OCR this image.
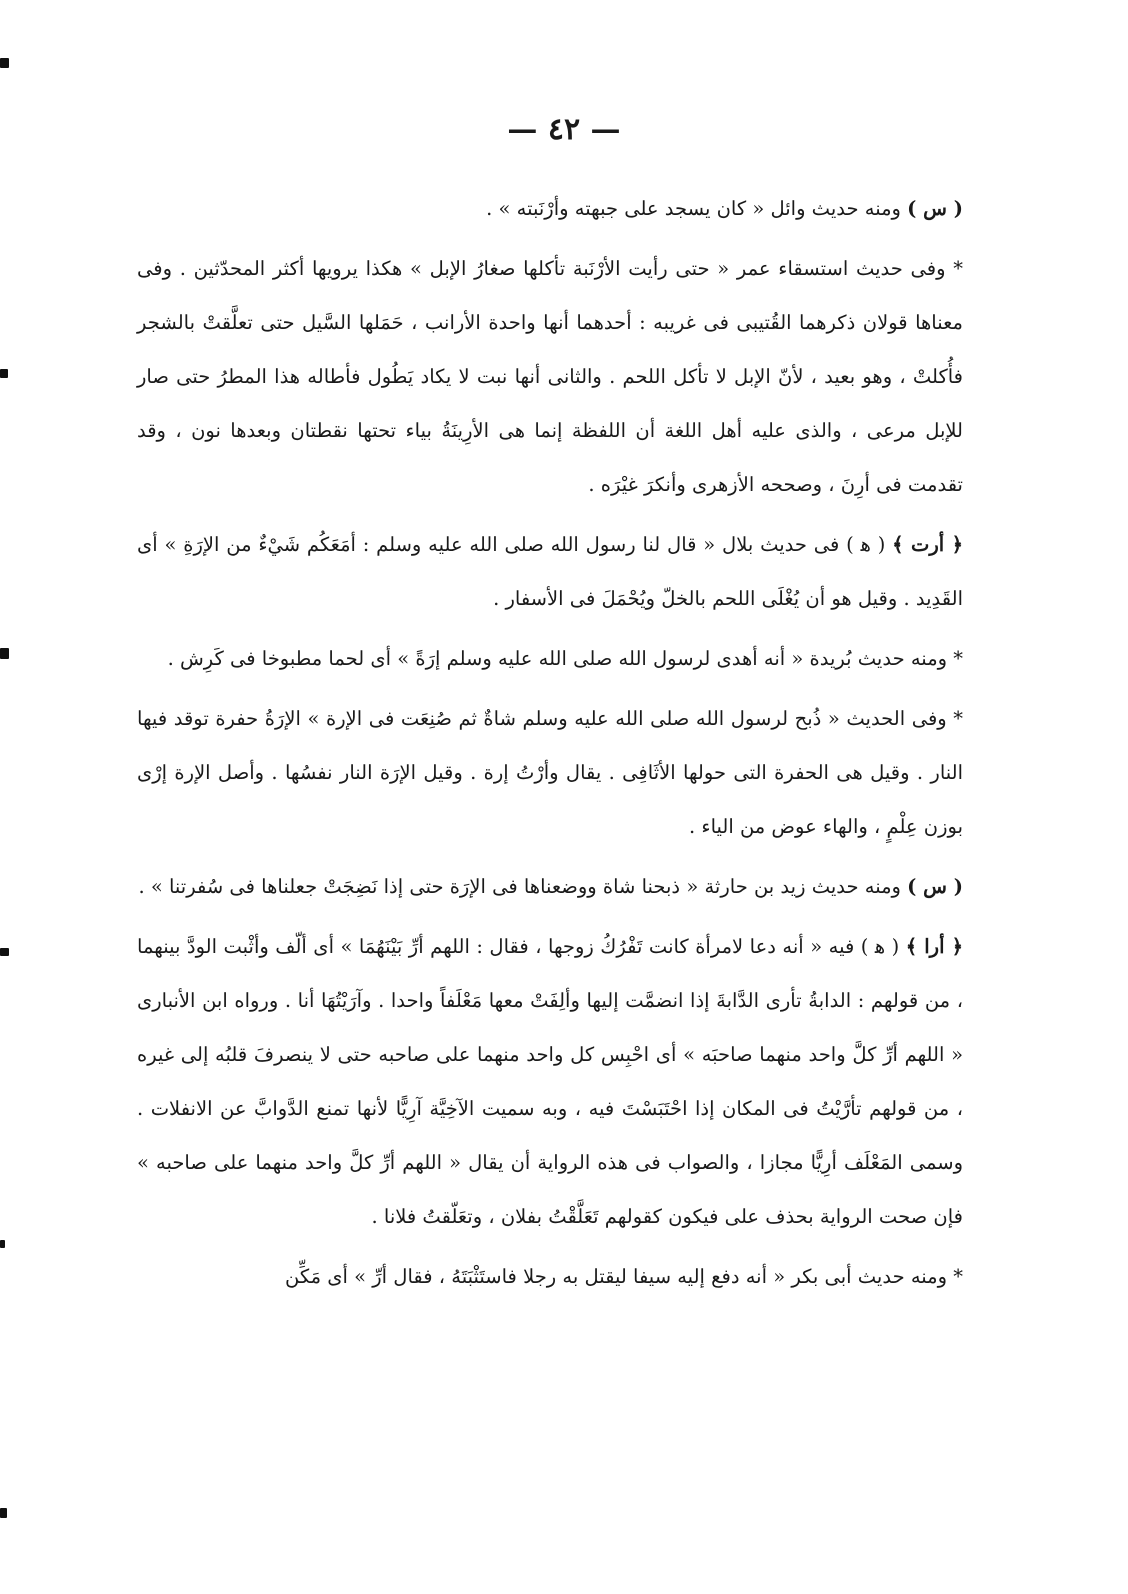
— ٤٢ —

( س ) ومنه حديث وائل « كان يسجد على جبهته وأرْنَبته » .

* وفى حديث استسقاء عمر « حتى رأيت الأرْنَبة تأكلها صغارُ الإبل » هكذا يرويها أكثر المحدّثين . وفى معناها قولان ذكرهما القُتيبى فى غريبه : أحدهما أنها واحدة الأرانب ، حَمَلها السَّيل حتى تعلَّقتْ بالشجر فأُكلتْ ، وهو بعيد ، لأنّ الإبل لا تأكل اللحم . والثانى أنها نبت لا يكاد يَطُول فأطاله هذا المطرُ حتى صار للإبل مرعى ، والذى عليه أهل اللغة أن اللفظة إنما هى الأرِينَةُ بياء تحتها نقطتان وبعدها نون ، وقد تقدمت فى أرِنَ ، وصححه الأزهرى وأنكرَ غيْرَه .

﴿ أرت ﴾ ( ﻫ ) فى حديث بلال « قال لنا رسول الله صلى الله عليه وسلم : أمَعَكُم شَيْءٌ من الإرَةِ » أى القَدِيد . وقيل هو أن يُغْلَى اللحم بالخلّ ويُحْمَلَ فى الأسفار .

* ومنه حديث بُريدة « أنه أهدى لرسول الله صلى الله عليه وسلم إرَةً » أى لحما مطبوخا فى كَرِش .

* وفى الحديث « ذُبح لرسول الله صلى الله عليه وسلم شاةٌ ثم صُنِعَت فى الإرة » الإرَةُ حفرة توقد فيها النار . وقيل هى الحفرة التى حولها الأثَافِى . يقال وأرْتُ إرة . وقيل الإرَة النار نفسُها . وأصل الإرة إرْى بوزن عِلْمٍ ، والهاء عوض من الياء .

( س ) ومنه حديث زيد بن حارثة « ذبحنا شاة ووضعناها فى الإرَة حتى إذا نَضِجَتْ جعلناها فى سُفرتنا » .

﴿ أرا ﴾ ( ﻫ ) فيه « أنه دعا لامرأة كانت تَفْرُكُ زوجها ، فقال : اللهم أرِّ بَيْنَهُمَا » أى ألّف وأثْبت الودَّ بينهما ، من قولهم : الدابةُ تأرى الدَّابةَ إذا انضمَّت إليها وألِفَتْ معها مَعْلَفاً واحدا . وآرَيْتُهَا أنا . ورواه ابن الأنبارى « اللهم أرِّ كلَّ واحد منهما صاحبَه » أى احْبِس كل واحد منهما على صاحبه حتى لا ينصرفَ قلبُه إلى غيره ، من قولهم تأرَّيْتُ فى المكان إذا احْتَبَسْتَ فيه ، وبه سميت الآخِيَّة آرِيًّا لأنها تمنع الدَّوابَّ عن الانفلات . وسمى المَعْلَف أرِيًّا مجازا ، والصواب فى هذه الرواية أن يقال « اللهم أرِّ كلَّ واحد منهما على صاحبه » فإن صحت الرواية بحذف على فيكون كقولهم تَعَلَّقْتُ بفلان ، وتعَلّقتُ فلانا .

* ومنه حديث أبى بكر « أنه دفع إليه سيفا ليقتل به رجلا فاستَثْبَتَهُ ، فقال أرِّ » أى مَكِّن
